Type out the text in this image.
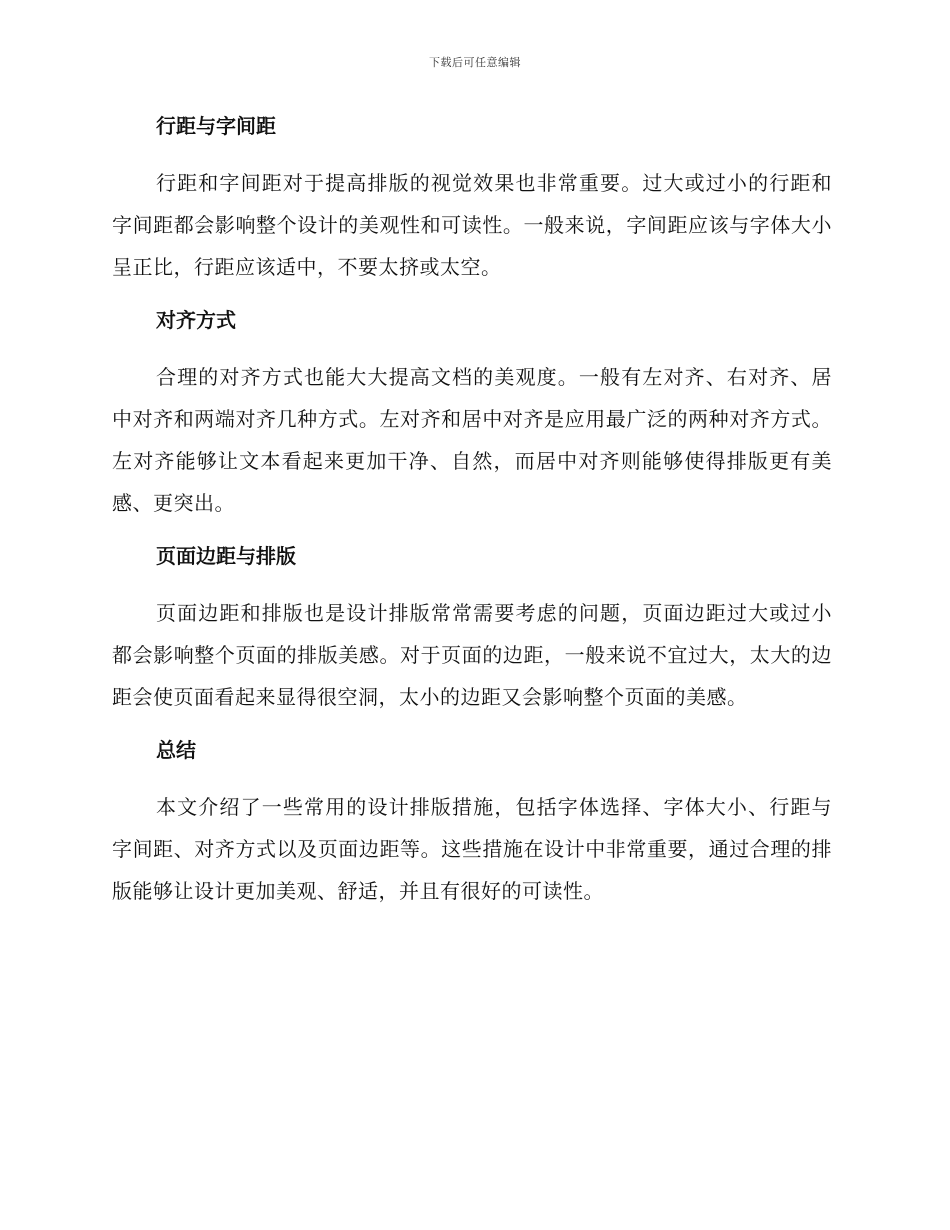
下载后可任意编辑
行距与字间距

行距和字间距对于提高排版的视觉效果也非常重要。过大或过小的行距和字间距都会影响整个设计的美观性和可读性。一般来说，字间距应该与字体大小呈正比，行距应该适中，不要太挤或太空。

对齐方式

合理的对齐方式也能大大提高文档的美观度。一般有左对齐、右对齐、居中对齐和两端对齐几种方式。左对齐和居中对齐是应用最广泛的两种对齐方式。左对齐能够让文本看起来更加干净、自然，而居中对齐则能够使得排版更有美感、更突出。

页面边距与排版

页面边距和排版也是设计排版常常需要考虑的问题，页面边距过大或过小都会影响整个页面的排版美感。对于页面的边距，一般来说不宜过大，太大的边距会使页面看起来显得很空洞，太小的边距又会影响整个页面的美感。

总结

本文介绍了一些常用的设计排版措施，包括字体选择、字体大小、行距与字间距、对齐方式以及页面边距等。这些措施在设计中非常重要，通过合理的排版能够让设计更加美观、舒适，并且有很好的可读性。
